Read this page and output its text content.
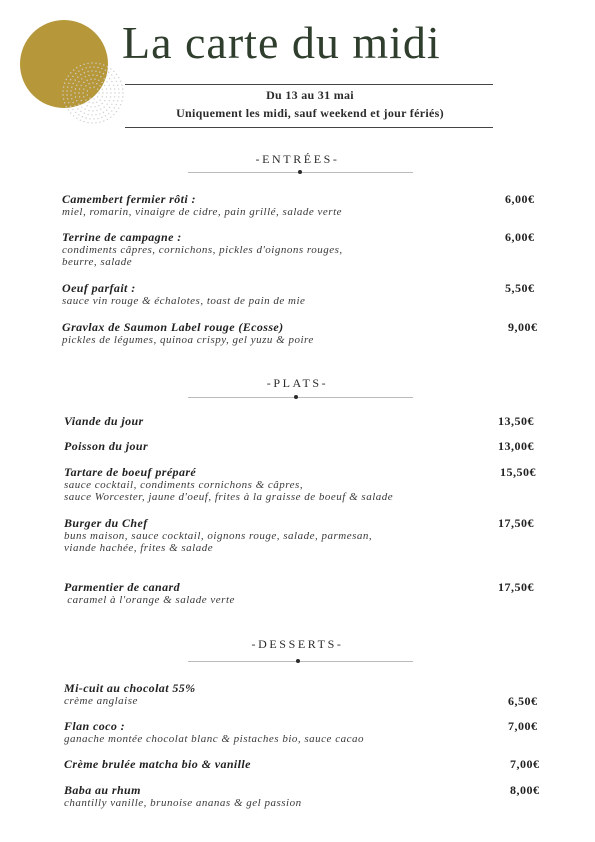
La carte du midi
Du 13 au 31 mai
Uniquement les midi, sauf weekend et jour fériés)
-ENTRÉES-
Camembert fermier rôti :
miel, romarin, vinaigre de cidre, pain grillé, salade verte
6,00€
Terrine de campagne :
condiments câpres, cornichons, pickles d'oignons rouges,
beurre, salade
6,00€
Oeuf parfait :
sauce vin rouge & échalotes, toast de pain de mie
5,50€
Gravlax de Saumon Label rouge (Ecosse)
pickles de légumes, quinoa crispy, gel yuzu & poire
9,00€
-PLATS-
Viande du jour	13,50€
Poisson du jour	13,00€
Tartare de boeuf préparé
sauce cocktail, condiments cornichons & câpres,
sauce Worcester, jaune d'oeuf, frites à la graisse de boeuf & salade
15,50€
Burger du Chef
buns maison, sauce cocktail, oignons rouge, salade, parmesan,
viande hachée, frites & salade
17,50€
Parmentier de canard
caramel à l'orange & salade verte
17,50€
-DESSERTS-
Mi-cuit au chocolat 55%
crème anglaise	6,50€
Flan coco :
ganache montée chocolat blanc & pistaches bio, sauce cacao
7,00€
Crème brulée matcha bio & vanille	7,00€
Baba au rhum
chantilly vanille, brunoise ananas & gel passion
8,00€
